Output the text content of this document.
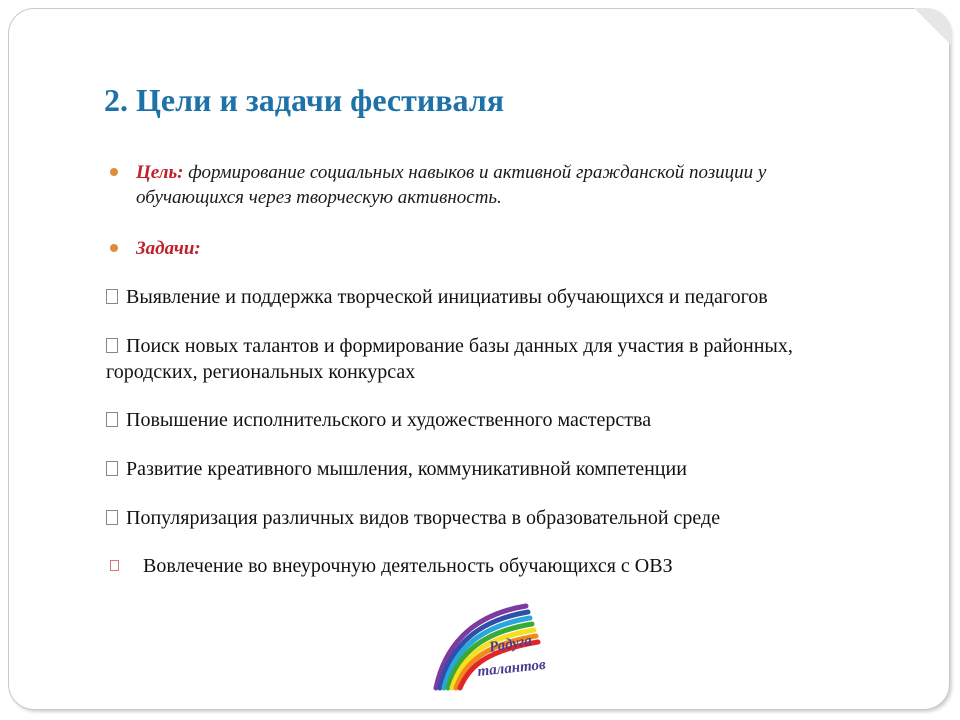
2. Цели и задачи фестиваля
Цель: формирование социальных навыков и активной гражданской позиции у обучающихся через творческую активность.
Задачи:
Выявление и поддержка творческой инициативы обучающихся и педагогов
Поиск новых талантов и формирование базы данных для участия в районных, городских, региональных конкурсах
Повышение исполнительского и художественного мастерства
Развитие креативного мышления, коммуникативной компетенции
Популяризация различных видов творчества в образовательной среде
Вовлечение во внеурочную деятельность обучающихся с ОВЗ
Радуга
талантов
